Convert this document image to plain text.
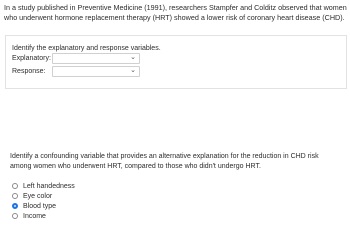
In a study published in Preventive Medicine (1991), researchers Stampfer and Colditz observed that women who underwent hormone replacement therapy (HRT) showed a lower risk of coronary heart disease (CHD).
Identify the explanatory and response variables.
Explanatory:	⌄
Response:	⌄
Identify a confounding variable that provides an alternative explanation for the reduction in CHD risk among women who underwent HRT, compared to those who didn't undergo HRT.
Left handedness
Eye color
Blood type
Income
